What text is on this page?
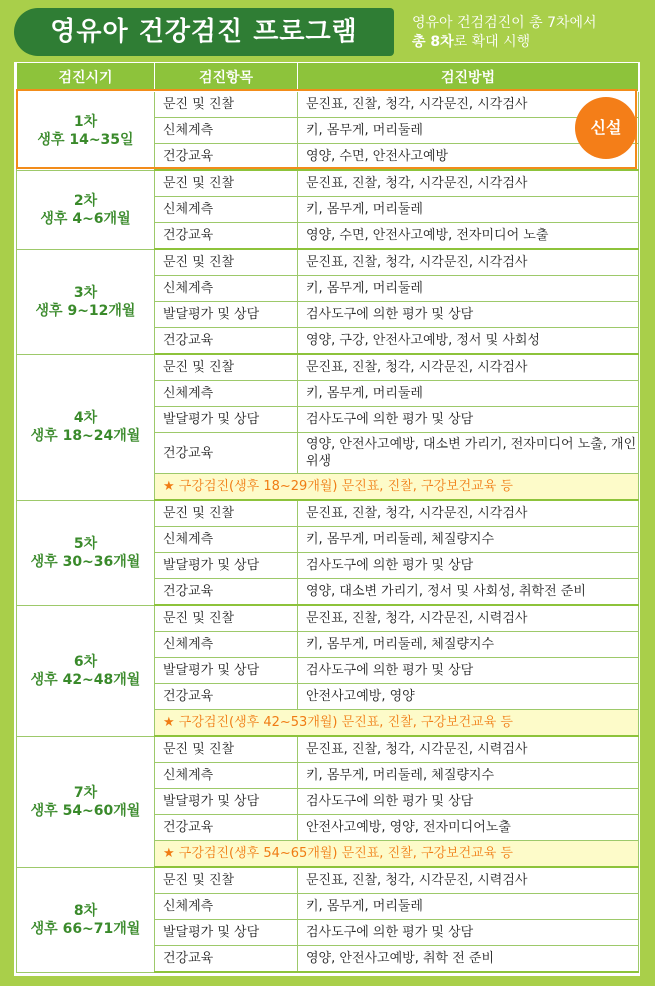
영유아 건강검진 프로그램	영유아 건검검진이 총 7차에서
총 8차로 확대 시행
검진시기	검진항목	검진방법

1차
생후 14~35일	문진 및 진찰	문진표, 진찰, 청각, 시각문진, 시각검사
	신체계측	키, 몸무게, 머리둘레
	건강교육	영양, 수면, 안전사고예방

2차
생후 4~6개월	문진 및 진찰	문진표, 진찰, 청각, 시각문진, 시각검사
	신체계측	키, 몸무게, 머리둘레
	건강교육	영양, 수면, 안전사고예방, 전자미디어 노출

3차
생후 9~12개월	문진 및 진찰	문진표, 진찰, 청각, 시각문진, 시각검사
	신체계측	키, 몸무게, 머리둘레
	발달평가 및 상담	검사도구에 의한 평가 및 상담
	건강교육	영양, 구강, 안전사고예방, 정서 및 사회성

4차
생후 18~24개월	문진 및 진찰	문진표, 진찰, 청각, 시각문진, 시각검사
	신체계측	키, 몸무게, 머리둘레
	발달평가 및 상담	검사도구에 의한 평가 및 상담
	건강교육	영양, 안전사고예방, 대소변 가리기, 전자미디어 노출, 개인 위생
	★ 구강검진(생후 18~29개월) 문진표, 진찰, 구강보건교육 등	

5차
생후 30~36개월	문진 및 진찰	문진표, 진찰, 청각, 시각문진, 시각검사
	신체계측	키, 몸무게, 머리둘레, 체질량지수
	발달평가 및 상담	검사도구에 의한 평가 및 상담
	건강교육	영양, 대소변 가리기, 정서 및 사회성, 취학전 준비

6차
생후 42~48개월	문진 및 진찰	문진표, 진찰, 청각, 시각문진, 시력검사
	신체계측	키, 몸무게, 머리둘레, 체질량지수
	발달평가 및 상담	검사도구에 의한 평가 및 상담
	건강교육	안전사고예방, 영양
	★ 구강검진(생후 42~53개월) 문진표, 진찰, 구강보건교육 등	

7차
생후 54~60개월	문진 및 진찰	문진표, 진찰, 청각, 시각문진, 시력검사
	신체계측	키, 몸무게, 머리둘레, 체질량지수
	발달평가 및 상담	검사도구에 의한 평가 및 상담
	건강교육	안전사고예방, 영양, 전자미디어노출
	★ 구강검진(생후 54~65개월) 문진표, 진찰, 구강보건교육 등	

8차
생후 66~71개월	문진 및 진찰	문진표, 진찰, 청각, 시각문진, 시력검사
	신체계측	키, 몸무게, 머리둘레
	발달평가 및 상담	검사도구에 의한 평가 및 상담
	건강교육	영양, 안전사고예방, 취학 전 준비
신설
